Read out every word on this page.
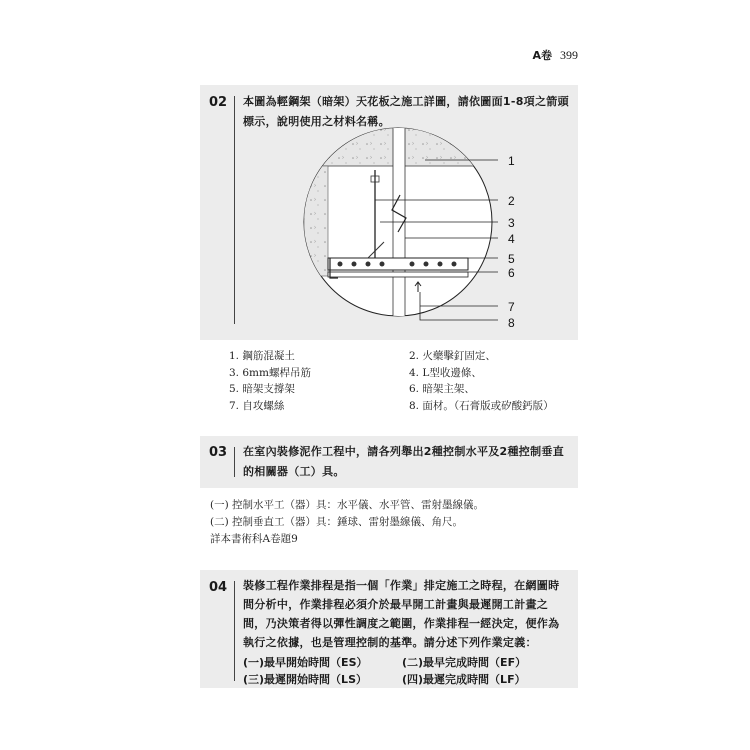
A卷 399
02 本圖為輕鋼架（暗架）天花板之施工詳圖，請依圖面1-8項之箭頭標示，說明使用之材料名稱。
1
2
3
4
5
6
7
8
1. 鋼筋混凝土	2. 火藥擊釘固定、
3. 6mm螺桿吊筋	4. L型收邊條、
5. 暗架支撐架	6. 暗架主架、
7. 自攻螺絲	8. 面材。（石膏版或矽酸鈣版）
03 在室內裝修泥作工程中，請各列舉出2種控制水平及2種控制垂直的相關器（工）具。
(一) 控制水平工（器）具：水平儀、水平管、雷射墨線儀。
(二) 控制垂直工（器）具：錘球、雷射墨線儀、角尺。
詳本書術科A卷題9
04 裝修工程作業排程是指一個「作業」排定施工之時程，在網圖時間分析中，作業排程必須介於最早開工計畫與最遲開工計畫之間，乃決策者得以彈性調度之範圍，作業排程一經決定，便作為執行之依據，也是管理控制的基準。請分述下列作業定義：
(一)最早開始時間（ES）	(二)最早完成時間（EF）
(三)最遲開始時間（LS）	(四)最遲完成時間（LF）
